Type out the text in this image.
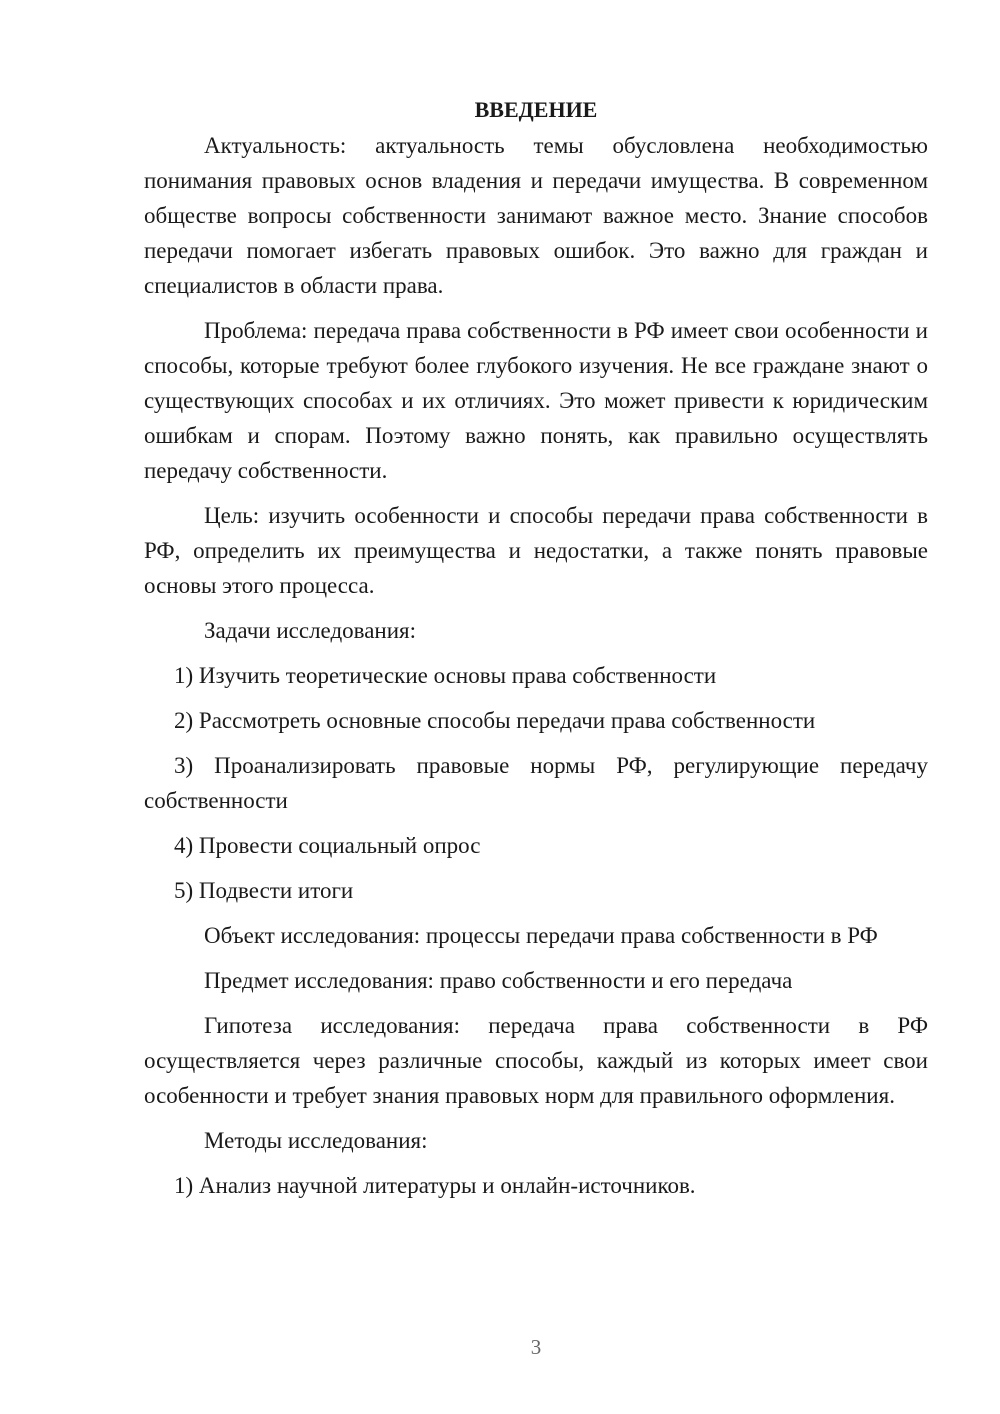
ВВЕДЕНИЕ

Актуальность: актуальность темы обусловлена необходимостью понимания правовых основ владения и передачи имущества. В современном обществе вопросы собственности занимают важное место. Знание способов передачи помогает избегать правовых ошибок. Это важно для граждан и специалистов в области права.

Проблема: передача права собственности в РФ имеет свои особенности и способы, которые требуют более глубокого изучения. Не все граждане знают о существующих способах и их отличиях. Это может привести к юридическим ошибкам и спорам. Поэтому важно понять, как правильно осуществлять передачу собственности.

Цель: изучить особенности и способы передачи права собственности в РФ, определить их преимущества и недостатки, а также понять правовые основы этого процесса.

Задачи исследования:

1) Изучить теоретические основы права собственности

2) Рассмотреть основные способы передачи права собственности

3) Проанализировать правовые нормы РФ, регулирующие передачу собственности

4) Провести социальный опрос

5) Подвести итоги

Объект исследования: процессы передачи права собственности в РФ

Предмет исследования: право собственности и его передача

Гипотеза исследования: передача права собственности в РФ осуществляется через различные способы, каждый из которых имеет свои особенности и требует знания правовых норм для правильного оформления.

Методы исследования:

1) Анализ научной литературы и онлайн-источников.

3
